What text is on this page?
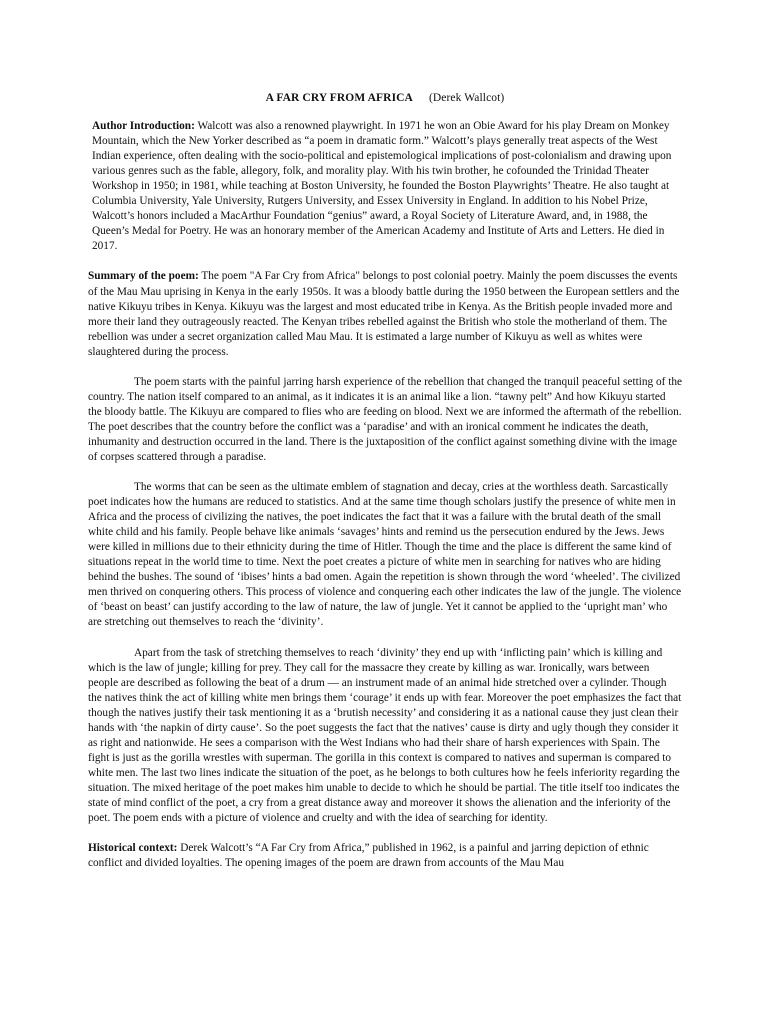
A FAR CRY FROM AFRICA (Derek Wallcot)

Author Introduction: Walcott was also a renowned playwright. In 1971 he won an Obie Award for his play Dream on Monkey Mountain, which the New Yorker described as “a poem in dramatic form.” Walcott’s plays generally treat aspects of the West Indian experience, often dealing with the socio-political and epistemological implications of post-colonialism and drawing upon various genres such as the fable, allegory, folk, and morality play. With his twin brother, he cofounded the Trinidad Theater Workshop in 1950; in 1981, while teaching at Boston University, he founded the Boston Playwrights’ Theatre. He also taught at Columbia University, Yale University, Rutgers University, and Essex University in England. In addition to his Nobel Prize, Walcott’s honors included a MacArthur Foundation “genius” award, a Royal Society of Literature Award, and, in 1988, the Queen’s Medal for Poetry. He was an honorary member of the American Academy and Institute of Arts and Letters. He died in 2017.

Summary of the poem: The poem "A Far Cry from Africa" belongs to post colonial poetry. Mainly the poem discusses the events of the Mau Mau uprising in Kenya in the early 1950s. It was a bloody battle during the 1950 between the European settlers and the native Kikuyu tribes in Kenya. Kikuyu was the largest and most educated tribe in Kenya. As the British people invaded more and more their land they outrageously reacted. The Kenyan tribes rebelled against the British who stole the motherland of them. The rebellion was under a secret organization called Mau Mau. It is estimated a large number of Kikuyu as well as whites were slaughtered during the process.

The poem starts with the painful jarring harsh experience of the rebellion that changed the tranquil peaceful setting of the country. The nation itself compared to an animal, as it indicates it is an animal like a lion. “tawny pelt” And how Kikuyu started the bloody battle. The Kikuyu are compared to flies who are feeding on blood. Next we are informed the aftermath of the rebellion. The poet describes that the country before the conflict was a ‘paradise’ and with an ironical comment he indicates the death, inhumanity and destruction occurred in the land. There is the juxtaposition of the conflict against something divine with the image of corpses scattered through a paradise.

The worms that can be seen as the ultimate emblem of stagnation and decay, cries at the worthless death. Sarcastically poet indicates how the humans are reduced to statistics. And at the same time though scholars justify the presence of white men in Africa and the process of civilizing the natives, the poet indicates the fact that it was a failure with the brutal death of the small white child and his family. People behave like animals ‘savages’ hints and remind us the persecution endured by the Jews. Jews were killed in millions due to their ethnicity during the time of Hitler. Though the time and the place is different the same kind of situations repeat in the world time to time. Next the poet creates a picture of white men in searching for natives who are hiding behind the bushes. The sound of ‘ibises’ hints a bad omen. Again the repetition is shown through the word ‘wheeled’. The civilized men thrived on conquering others. This process of violence and conquering each other indicates the law of the jungle. The violence of ‘beast on beast’ can justify according to the law of nature, the law of jungle. Yet it cannot be applied to the ‘upright man’ who are stretching out themselves to reach the ‘divinity’.

Apart from the task of stretching themselves to reach ‘divinity’ they end up with ‘inflicting pain’ which is killing and which is the law of jungle; killing for prey. They call for the massacre they create by killing as war. Ironically, wars between people are described as following the beat of a drum — an instrument made of an animal hide stretched over a cylinder. Though the natives think the act of killing white men brings them ‘courage’ it ends up with fear. Moreover the poet emphasizes the fact that though the natives justify their task mentioning it as a ‘brutish necessity’ and considering it as a national cause they just clean their hands with ‘the napkin of dirty cause’. So the poet suggests the fact that the natives’ cause is dirty and ugly though they consider it as right and nationwide. He sees a comparison with the West Indians who had their share of harsh experiences with Spain. The fight is just as the gorilla wrestles with superman. The gorilla in this context is compared to natives and superman is compared to white men. The last two lines indicate the situation of the poet, as he belongs to both cultures how he feels inferiority regarding the situation. The mixed heritage of the poet makes him unable to decide to which he should be partial. The title itself too indicates the state of mind conflict of the poet, a cry from a great distance away and moreover it shows the alienation and the inferiority of the poet. The poem ends with a picture of violence and cruelty and with the idea of searching for identity.

Historical context: Derek Walcott’s “A Far Cry from Africa,” published in 1962, is a painful and jarring depiction of ethnic conflict and divided loyalties. The opening images of the poem are drawn from accounts of the Mau Mau
